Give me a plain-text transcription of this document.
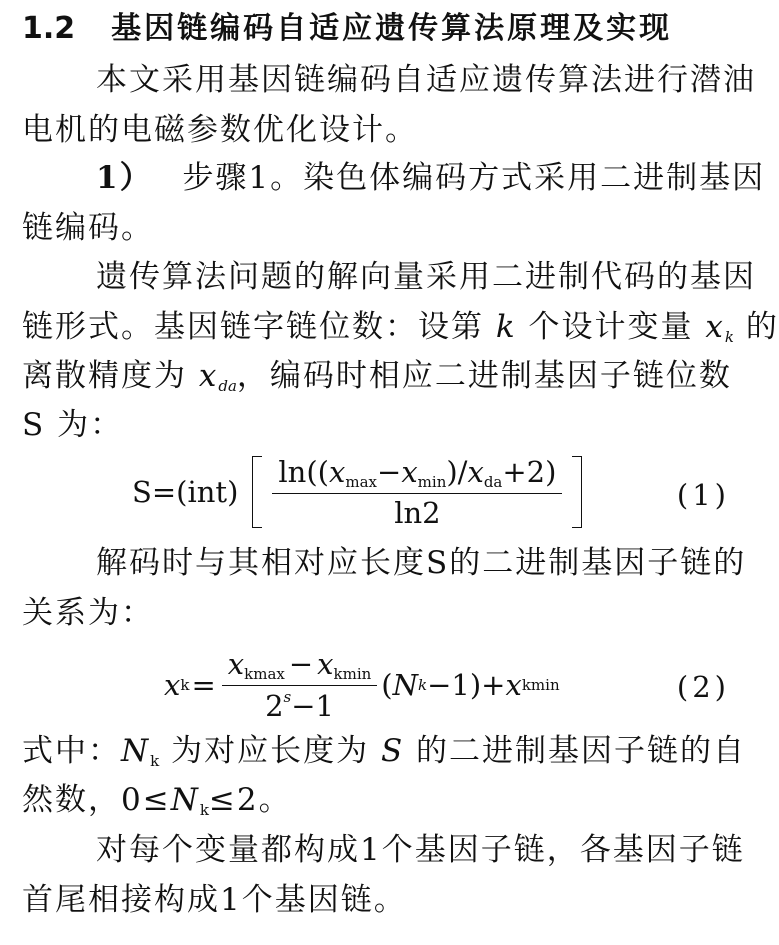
1.2 基因链编码自适应遗传算法原理及实现
本文采用基因链编码自适应遗传算法进行潜油
电机的电磁参数优化设计。
1） 步骤1。染色体编码方式采用二进制基因
链编码。
遗传算法问题的解向量采用二进制代码的基因
链形式。基因链字链位数：设第 k 个设计变量 $x_k$ 的
离散精度为 $x_{da}$，编码时相应二进制基因子链位数
S 为：
$S=(int) \frac{\ln((x_{max}-x_{min})/x_{da}+2)}{\ln 2}$	(1)
解码时与其相对应长度S的二进制基因子链的
关系为：
x $k = \frac{x_{kmax} - x_{kmin}}{2^s-1}$ ( N k −1)+ x kmin	(2)
式中：$N_k$ 为对应长度为 S 的二进制基因子链的自
然数，$0\le N_k\le 2$。
对每个变量都构成1个基因子链，各基因子链
首尾相接构成1个基因链。
